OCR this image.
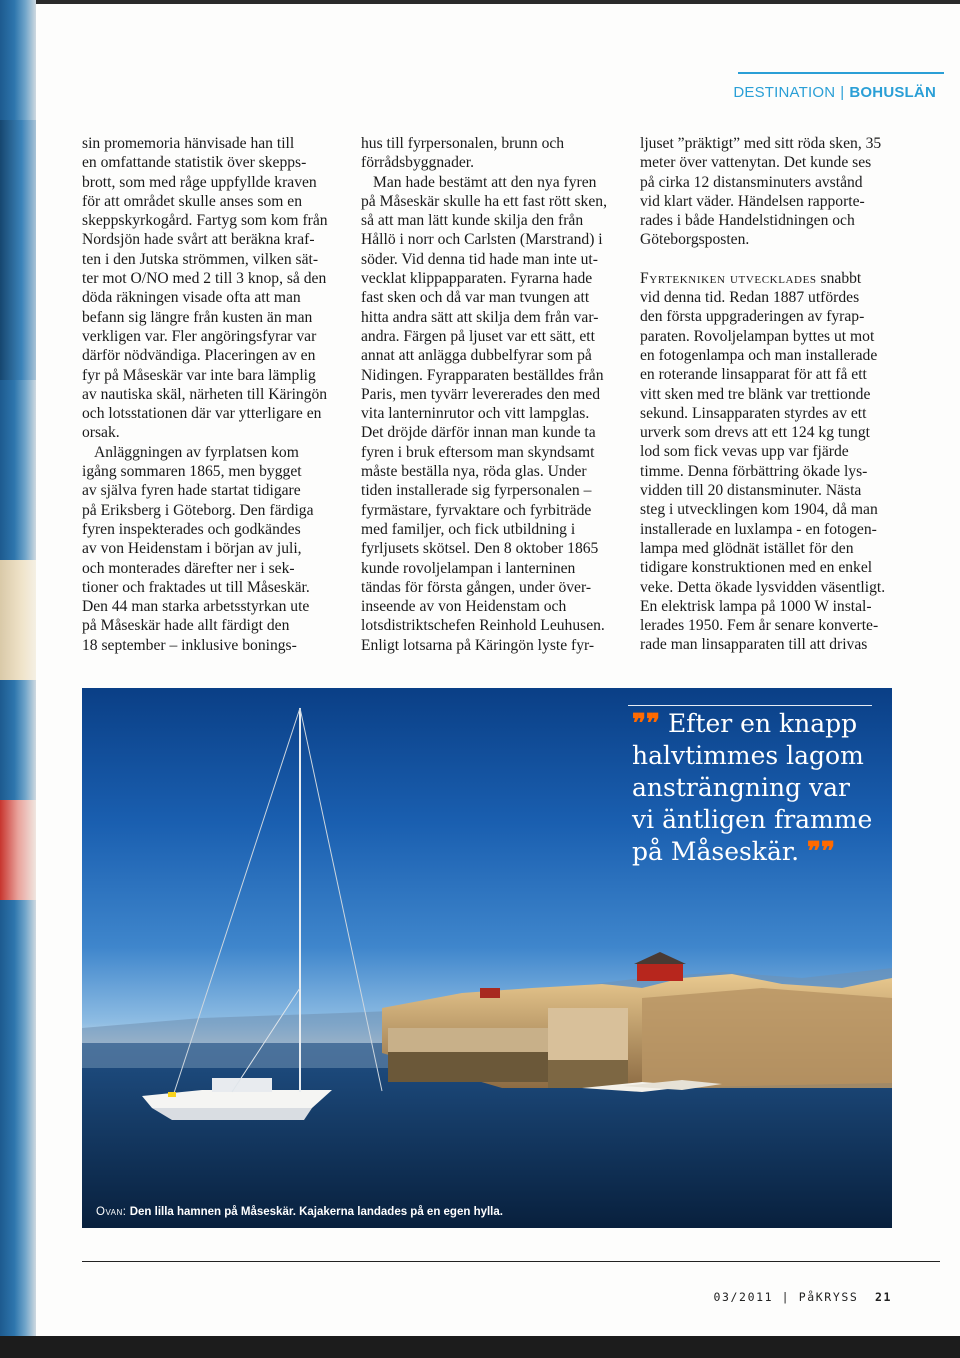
DESTINATION | BOHUSLÄN
sin promemoria hänvisade han till
en omfattande statistik över skepps-
brott, som med råge uppfyllde kraven
för att området skulle anses som en
skeppskyrkogård. Fartyg som kom från
Nordsjön hade svårt att beräkna kraf-
ten i den Jutska strömmen, vilken sät-
ter mot O/NO med 2 till 3 knop, så den
döda räkningen visade ofta att man
befann sig längre från kusten än man
verkligen var. Fler angöringsfyrar var
därför nödvändiga. Placeringen av en
fyr på Måseskär var inte bara lämplig
av nautiska skäl, närheten till Käringön
och lotsstationen där var ytterligare en
orsak.
Anläggningen av fyrplatsen kom
igång sommaren 1865, men bygget
av själva fyren hade startat tidigare
på Eriksberg i Göteborg. Den färdiga
fyren inspekterades och godkändes
av von Heidenstam i början av juli,
och monterades därefter ner i sek-
tioner och fraktades ut till Måseskär.
Den 44 man starka arbetsstyrkan ute
på Måseskär hade allt färdigt den
18 september – inklusive bonings-
hus till fyrpersonalen, brunn och
förrådsbyggnader.
Man hade bestämt att den nya fyren
på Måseskär skulle ha ett fast rött sken,
så att man lätt kunde skilja den från
Hållö i norr och Carlsten (Marstrand) i
söder. Vid denna tid hade man inte ut-
vecklat klippapparaten. Fyrarna hade
fast sken och då var man tvungen att
hitta andra sätt att skilja dem från var-
andra. Färgen på ljuset var ett sätt, ett
annat att anlägga dubbelfyrar som på
Nidingen. Fyrapparaten beställdes från
Paris, men tyvärr levererades den med
vita lanterninrutor och vitt lampglas.
Det dröjde därför innan man kunde ta
fyren i bruk eftersom man skyndsamt
måste beställa nya, röda glas. Under
tiden installerade sig fyrpersonalen –
fyrmästare, fyrvaktare och fyrbiträde
med familjer, och fick utbildning i
fyrljusets skötsel. Den 8 oktober 1865
kunde rovoljelampan i lanterninen
tändas för första gången, under över-
inseende av von Heidenstam och
lotsdistriktschefen Reinhold Leuhusen.
Enligt lotsarna på Käringön lyste fyr-
ljuset ”präktigt” med sitt röda sken, 35
meter över vattenytan. Det kunde ses
på cirka 12 distansminuters avstånd
vid klart väder. Händelsen rapporte-
rades i både Handelstidningen och
Göteborgsposten.
Fyrtekniken utvecklades snabbt
vid denna tid. Redan 1887 utfördes
den första uppgraderingen av fyrap-
paraten. Rovoljelampan byttes ut mot
en fotogenlampa och man installerade
en roterande linsapparat för att få ett
vitt sken med tre blänk var trettionde
sekund. Linsapparaten styrdes av ett
urverk som drevs att ett 124 kg tungt
lod som fick vevas upp var fjärde
timme. Denna förbättring ökade lys-
vidden till 20 distansminuter. Nästa
steg i utvecklingen kom 1904, då man
installerade en luxlampa - en fotogen-
lampa med glödnät istället för den
tidigare konstruktionen med en enkel
veke. Detta ökade lysvidden väsentligt.
En elektrisk lampa på 1000 W instal-
lerades 1950. Fem år senare konverte-
rade man linsapparaten till att drivas
❞❞ Efter en knapp
halvtimmes lagom
ansträngning var
vi äntligen framme
på Måseskär. ❞❞
Ovan: Den lilla hamnen på Måseskär. Kajakerna landades på en egen hylla.
03/2011 | PåKRYSS 21
